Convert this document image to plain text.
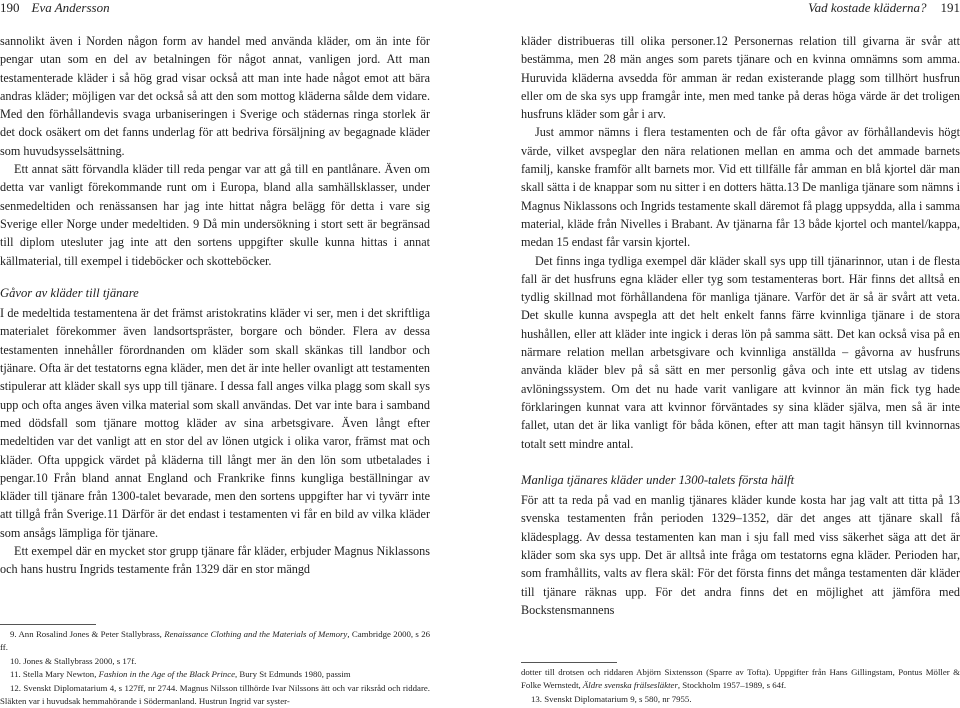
190 Eva Andersson

sannolikt även i Norden någon form av handel med använda kläder, om än inte för pengar utan som en del av betalningen för något annat, vanligen jord. Att man testamenterade kläder i så hög grad visar också att man inte hade något emot att bära andras kläder; möjligen var det också så att den som mottog kläderna sålde dem vidare. Med den förhållandevis svaga urbaniseringen i Sverige och städernas ringa storlek är det dock osäkert om det fanns underlag för att bedriva försäljning av begagnade kläder som huvudsysselsättning.

Ett annat sätt förvandla kläder till reda pengar var att gå till en pantlånare. Även om detta var vanligt förekommande runt om i Europa, bland alla samhällsklasser, under senmedeltiden och renässansen har jag inte hittat några belägg för detta i vare sig Sverige eller Norge under medeltiden. 9 Då min undersökning i stort sett är begränsad till diplom utesluter jag inte att den sortens uppgifter skulle kunna hittas i annat källmaterial, till exempel i tideböcker och skotteböcker.

Gåvor av kläder till tjänare

I de medeltida testamentena är det främst aristokratins kläder vi ser, men i det skriftliga materialet förekommer även landsortspräster, borgare och bönder. Flera av dessa testamenten innehåller förordnanden om kläder som skall skänkas till landbor och tjänare. Ofta är det testatorns egna kläder, men det är inte heller ovanligt att testamenten stipulerar att kläder skall sys upp till tjänare. I dessa fall anges vilka plagg som skall sys upp och ofta anges även vilka material som skall användas. Det var inte bara i samband med dödsfall som tjänare mottog kläder av sina arbetsgivare. Även långt efter medeltiden var det vanligt att en stor del av lönen utgick i olika varor, främst mat och kläder. Ofta uppgick värdet på kläderna till långt mer än den lön som utbetalades i pengar.10 Från bland annat England och Frankrike finns kungliga beställningar av kläder till tjänare från 1300-talet bevarade, men den sortens uppgifter har vi tyvärr inte att tillgå från Sverige.11 Därför är det endast i testamenten vi får en bild av vilka kläder som ansågs lämpliga för tjänare.

Ett exempel där en mycket stor grupp tjänare får kläder, erbjuder Magnus Niklassons och hans hustru Ingrids testamente från 1329 där en stor mängd

9. Ann Rosalind Jones & Peter Stallybrass, Renaissance Clothing and the Materials of Memory, Cambridge 2000, s 26 ff.

10. Jones & Stallybrass 2000, s 17f.

11. Stella Mary Newton, Fashion in the Age of the Black Prince, Bury St Edmunds 1980, passim

12. Svenskt Diplomatarium 4, s 127ff, nr 2744. Magnus Nilsson tillhörde Ivar Nilssons ätt och var riksråd och riddare. Släkten var i huvudsak hemmahörande i Södermanland. Hustrun Ingrid var syster-

Vad kostade kläderna? 191

kläder distribueras till olika personer.12 Personernas relation till givarna är svår att bestämma, men 28 män anges som parets tjänare och en kvinna omnämns som amma. Huruvida kläderna avsedda för amman är redan existerande plagg som tillhört husfrun eller om de ska sys upp framgår inte, men med tanke på deras höga värde är det troligen husfruns kläder som går i arv.

Just ammor nämns i flera testamenten och de får ofta gåvor av förhållandevis högt värde, vilket avspeglar den nära relationen mellan en amma och det ammade barnets familj, kanske framför allt barnets mor. Vid ett tillfälle får amman en blå kjortel där man skall sätta i de knappar som nu sitter i en dotters hätta.13 De manliga tjänare som nämns i Magnus Niklassons och Ingrids testamente skall däremot få plagg uppsydda, alla i samma material, kläde från Nivelles i Brabant. Av tjänarna får 13 både kjortel och mantel/kappa, medan 15 endast får varsin kjortel.

Det finns inga tydliga exempel där kläder skall sys upp till tjänarinnor, utan i de flesta fall är det husfruns egna kläder eller tyg som testamenteras bort. Här finns det alltså en tydlig skillnad mot förhållandena för manliga tjänare. Varför det är så är svårt att veta. Det skulle kunna avspegla att det helt enkelt fanns färre kvinnliga tjänare i de stora hushållen, eller att kläder inte ingick i deras lön på samma sätt. Det kan också visa på en närmare relation mellan arbetsgivare och kvinnliga anställda – gåvorna av husfruns använda kläder blev på så sätt en mer personlig gåva och inte ett utslag av tidens avlöningssystem. Om det nu hade varit vanligare att kvinnor än män fick tyg hade förklaringen kunnat vara att kvinnor förväntades sy sina kläder själva, men så är inte fallet, utan det är lika vanligt för båda könen, efter att man tagit hänsyn till kvinnornas totalt sett mindre antal.

Manliga tjänares kläder under 1300-talets första hälft

För att ta reda på vad en manlig tjänares kläder kunde kosta har jag valt att titta på 13 svenska testamenten från perioden 1329–1352, där det anges att tjänare skall få klädesplagg. Av dessa testamenten kan man i sju fall med viss säkerhet säga att det är kläder som ska sys upp. Det är alltså inte fråga om testatorns egna kläder. Perioden har, som framhållits, valts av flera skäl: För det första finns det många testamenten där kläder till tjänare räknas upp. För det andra finns det en möjlighet att jämföra med Bockstensmannens

dotter till drotsen och riddaren Abjörn Sixtensson (Sparre av Tofta). Uppgifter från Hans Gillingstam, Pontus Möller & Folke Wernstedt, Äldre svenska frälsesläkter, Stockholm 1957–1989, s 64f.

13. Svenskt Diplomatarium 9, s 580, nr 7955.
